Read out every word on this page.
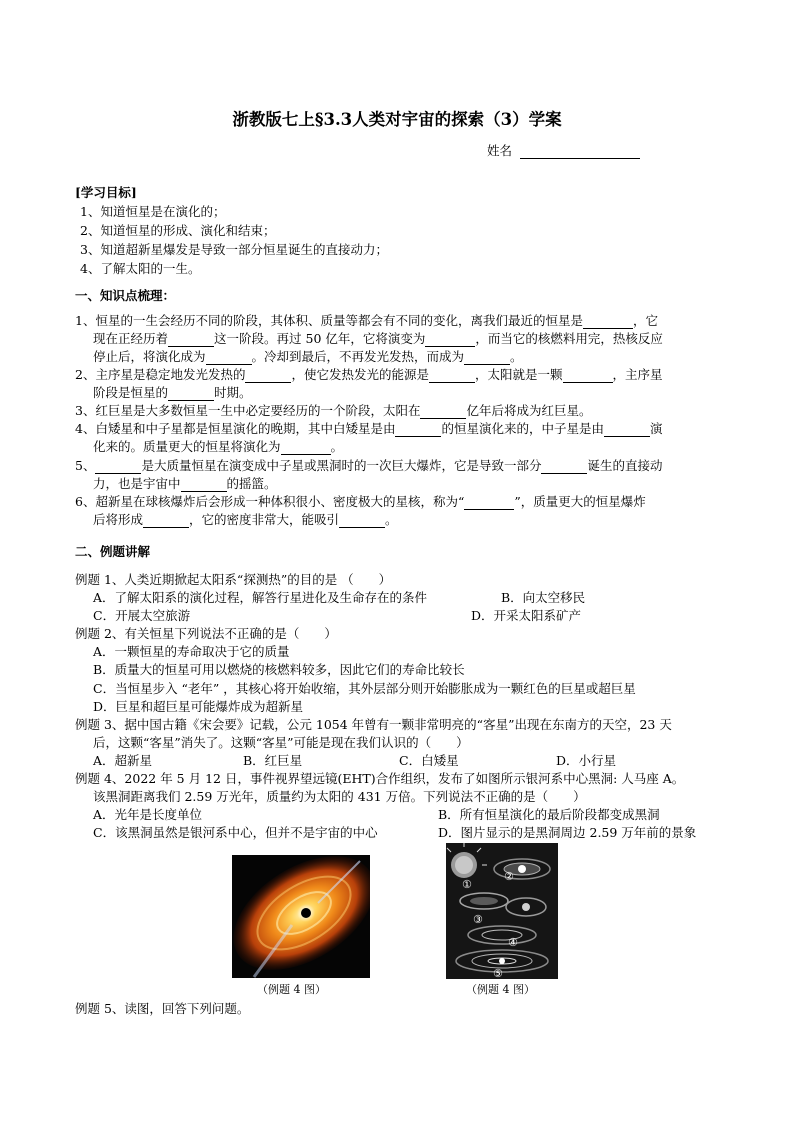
浙教版七上§3.3人类对宇宙的探索（3）学案
姓名
[学习目标]
1、知道恒星是在演化的；
2、知道恒星的形成、演化和结束；
3、知道超新星爆发是导致一部分恒星诞生的直接动力；
4、了解太阳的一生。
一、知识点梳理：
1、恒星的一生会经历不同的阶段，其体积、质量等都会有不同的变化，离我们最近的恒星是	，它
现在正经历着	这一阶段。再过 50 亿年，它将演变为	，而当它的核燃料用完，热核反应
停止后，将演化成为	。冷却到最后，不再发光发热，而成为	。
2、主序星是稳定地发光发热的	，使它发热发光的能源是	，太阳就是一颗	，主序星
阶段是恒星的	时期。
3、红巨星是大多数恒星一生中必定要经历的一个阶段，太阳在	亿年后将成为红巨星。
4、白矮星和中子星都是恒星演化的晚期，其中白矮星是由	的恒星演化来的，中子星是由	演
化来的。质量更大的恒星将演化为	。
5、	是大质量恒星在演变成中子星或黑洞时的一次巨大爆炸，它是导致一部分	诞生的直接动
力，也是宇宙中	的摇篮。
6、超新星在球核爆炸后会形成一种体积很小、密度极大的星核，称为“	”，质量更大的恒星爆炸
后将形成	，它的密度非常大，能吸引	。
二、例题讲解
例题 1、人类近期掀起太阳系“探测热”的目的是 （　　）
A．了解太阳系的演化过程，解答行星进化及生命存在的条件	B．向太空移民
C．开展太空旅游	D．开采太阳系矿产
例题 2、有关恒星下列说法不正确的是（　　）
A．一颗恒星的寿命取决于它的质量
B．质量大的恒星可用以燃烧的核燃料较多，因此它们的寿命比较长
C．当恒星步入 “老年” ，其核心将开始收缩，其外层部分则开始膨胀成为一颗红色的巨星或超巨星
D．巨星和超巨星可能爆炸成为超新星
例题 3、据中国古籍《宋会要》记载，公元 1054 年曾有一颗非常明亮的“客星”出现在东南方的天空，23 天
后，这颗“客星”消失了。这颗“客星”可能是现在我们认识的（　　）
A．超新星	B．红巨星	C．白矮星	D．小行星
例题 4、2022 年 5 月 12 日，事件视界望远镜(EHT)合作组织，发布了如图所示银河系中心黑洞: 人马座 A。
该黑洞距离我们 2.59 万光年，质量约为太阳的 431 万倍。下列说法不正确的是（　　）
A．光年是长度单位	B．所有恒星演化的最后阶段都变成黑洞
C．该黑洞虽然是银河系中心，但并不是宇宙的中心	D．图片显示的是黑洞周边 2.59 万年前的景象
（例题 4 图）
①
②
③
④
⑤
（例题 4 图）
例题 5、读图，回答下列问题。
